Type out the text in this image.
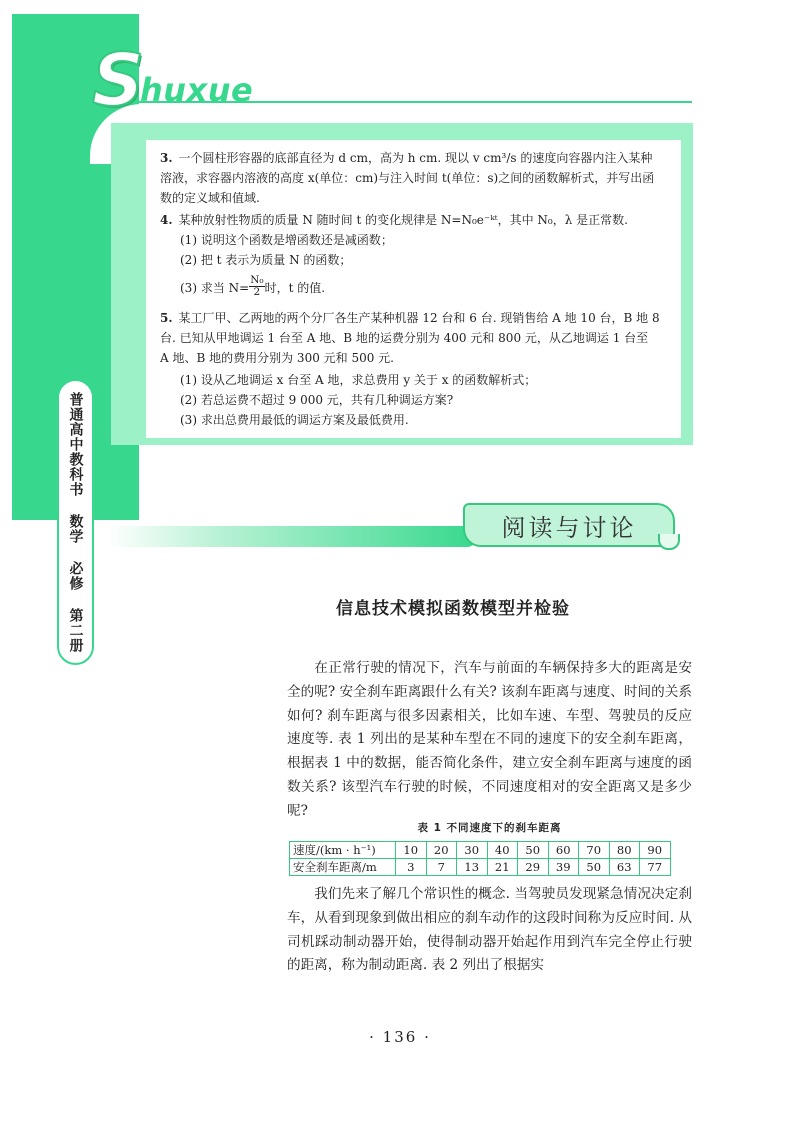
S
huxue
普通高中教科书 数学 必修 第二册

3. 一个圆柱形容器的底部直径为 d cm，高为 h cm. 现以 v cm³/s 的速度向容器内注入某种溶液，求容器内溶液的高度 x(单位：cm)与注入时间 t(单位：s)之间的函数解析式，并写出函数的定义域和值域.

4. 某种放射性物质的质量 N 随时间 t 的变化规律是 N=N₀e⁻ᵏᵗ，其中 N₀，λ 是正常数.

(1) 说明这个函数是增函数还是减函数；

(2) 把 t 表示为质量 N 的函数；

(3) 求当 $N= \frac{\text{N₀}}{2}$ 时，t 的值.

5. 某工厂甲、乙两地的两个分厂各生产某种机器 12 台和 6 台. 现销售给 A 地 10 台，B 地 8 台. 已知从甲地调运 1 台至 A 地、B 地的运费分别为 400 元和 800 元，从乙地调运 1 台至 A 地、B 地的费用分别为 300 元和 500 元.

(1) 设从乙地调运 x 台至 A 地，求总费用 y 关于 x 的函数解析式；

(2) 若总运费不超过 9 000 元，共有几种调运方案?

(3) 求出总费用最低的调运方案及最低费用.

阅读与讨论
信息技术模拟函数模型并检验

在正常行驶的情况下，汽车与前面的车辆保持多大的距离是安全的呢? 安全刹车距离跟什么有关? 该刹车距离与速度、时间的关系如何? 刹车距离与很多因素相关，比如车速、车型、驾驶员的反应速度等. 表 1 列出的是某种车型在不同的速度下的安全刹车距离，根据表 1 中的数据，能否简化条件，建立安全刹车距离与速度的函数关系? 该型汽车行驶的时候，不同速度相对的安全距离又是多少呢?

表 1 不同速度下的刹车距离
速度/(km · h⁻¹)	10	20	30	40	50	60	70	80	90
安全刹车距离/m	3	7	13	21	29	39	50	63	77

我们先来了解几个常识性的概念. 当驾驶员发现紧急情况决定刹车，从看到现象到做出相应的刹车动作的这段时间称为反应时间. 从司机踩动制动器开始，使得制动器开始起作用到汽车完全停止行驶的距离，称为制动距离. 表 2 列出了根据实

· 136 ·
